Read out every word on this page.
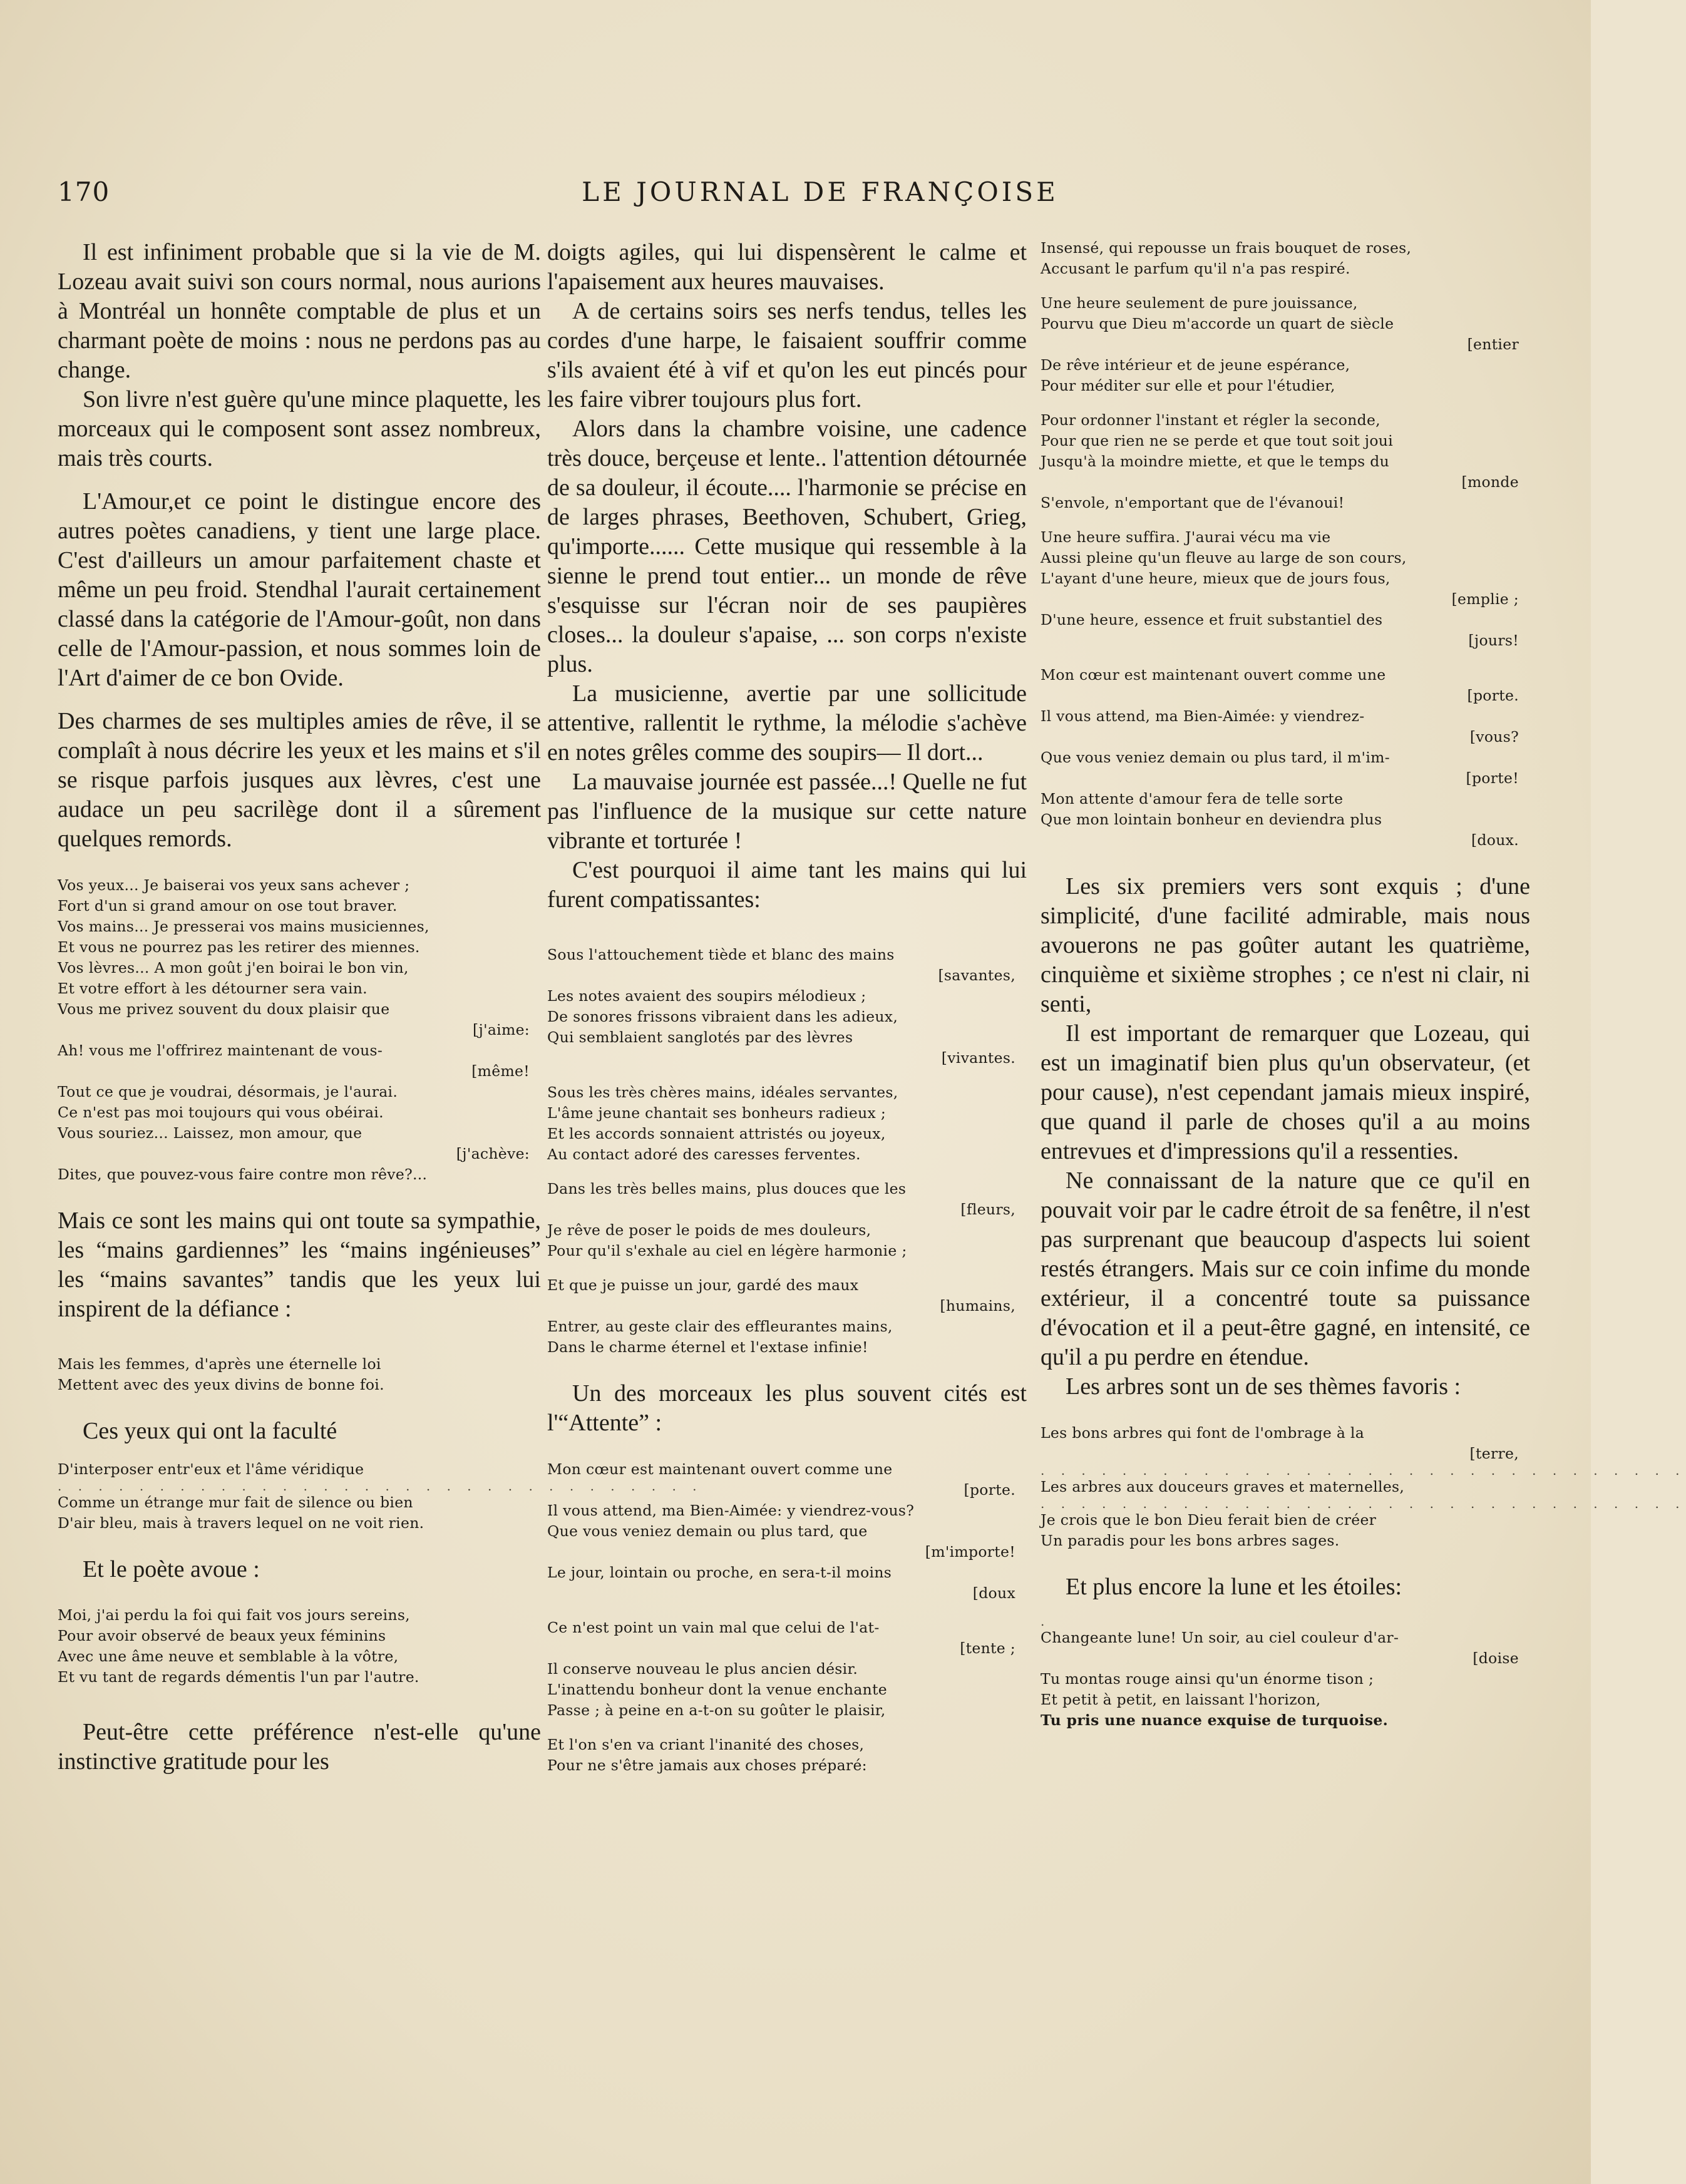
170	LE JOURNAL DE FRANÇOISE

Il est infiniment probable que si la vie de M. Lozeau avait suivi son cours normal, nous aurions à Montréal un honnête comptable de plus et un charmant poète de moins : nous ne perdons pas au change.

Son livre n'est guère qu'une mince plaquette, les morceaux qui le composent sont assez nombreux, mais très courts.

L'Amour,et ce point le distingue encore des autres poètes canadiens, y tient une large place. C'est d'ailleurs un amour parfaitement chaste et même un peu froid. Stendhal l'aurait certainement classé dans la catégorie de l'Amour-goût, non dans celle de l'Amour-passion, et nous sommes loin de l'Art d'aimer de ce bon Ovide.

Des charmes de ses multiples amies de rêve, il se complaît à nous décrire les yeux et les mains et s'il se risque parfois jusques aux lèvres, c'est une audace un peu sacrilège dont il a sûrement quelques remords.

Vos yeux... Je baiserai vos yeux sans achever ;
Fort d'un si grand amour on ose tout braver.
Vos mains... Je presserai vos mains musiciennes,
Et vous ne pourrez pas les retirer des miennes.
Vos lèvres... A mon goût j'en boirai le bon vin,
Et votre effort à les détourner sera vain.
Vous me privez souvent du doux plaisir que
[j'aime:
Ah! vous me l'offrirez maintenant de vous-
[même!
Tout ce que je voudrai, désormais, je l'aurai.
Ce n'est pas moi toujours qui vous obéirai.
Vous souriez... Laissez, mon amour, que
[j'achève:
Dites, que pouvez-vous faire contre mon rêve?...

Mais ce sont les mains qui ont toute sa sympathie, les “mains gardiennes” les “mains ingénieuses” les “mains savantes” tandis que les yeux lui inspirent de la défiance :

Mais les femmes, d'après une éternelle loi
Mettent avec des yeux divins de bonne foi.

Ces yeux qui ont la faculté

D'interposer entr'eux et l'âme véridique
. . . . . . . . . . . . . . . . . . . . . . . . . . . . . . . .
Comme un étrange mur fait de silence ou bien
D'air bleu, mais à travers lequel on ne voit rien.

Et le poète avoue :

Moi, j'ai perdu la foi qui fait vos jours sereins,
Pour avoir observé de beaux yeux féminins
Avec une âme neuve et semblable à la vôtre,
Et vu tant de regards démentis l'un par l'autre.

Peut-être cette préférence n'est-elle qu'une instinctive gratitude pour les

doigts agiles, qui lui dispensèrent le calme et l'apaisement aux heures mauvaises.

A de certains soirs ses nerfs tendus, telles les cordes d'une harpe, le faisaient souffrir comme s'ils avaient été à vif et qu'on les eut pincés pour les faire vibrer toujours plus fort.

Alors dans la chambre voisine, une cadence très douce, berçeuse et lente.. l'attention détournée de sa douleur, il écoute.... l'harmonie se précise en de larges phrases, Beethoven, Schubert, Grieg, qu'importe...... Cette musique qui ressemble à la sienne le prend tout entier... un monde de rêve s'esquisse sur l'écran noir de ses paupières closes... la douleur s'apaise, ... son corps n'existe plus.

La musicienne, avertie par une sollicitude attentive, rallentit le rythme, la mélodie s'achève en notes grêles comme des soupirs— Il dort...

La mauvaise journée est passée...! Quelle ne fut pas l'influence de la musique sur cette nature vibrante et torturée !

C'est pourquoi il aime tant les mains qui lui furent compatissantes:

Sous l'attouchement tiède et blanc des mains
[savantes,
Les notes avaient des soupirs mélodieux ;
De sonores frissons vibraient dans les adieux,
Qui semblaient sanglotés par des lèvres
[vivantes.
Sous les très chères mains, idéales servantes,
L'âme jeune chantait ses bonheurs radieux ;
Et les accords sonnaient attristés ou joyeux,
Au contact adoré des caresses ferventes.
Dans les très belles mains, plus douces que les
[fleurs,
Je rêve de poser le poids de mes douleurs,
Pour qu'il s'exhale au ciel en légère harmonie ;
Et que je puisse un jour, gardé des maux
[humains,
Entrer, au geste clair des effleurantes mains,
Dans le charme éternel et l'extase infinie!

Un des morceaux les plus souvent cités est l'“Attente” :

Mon cœur est maintenant ouvert comme une
[porte.
Il vous attend, ma Bien-Aimée: y viendrez-vous?
Que vous veniez demain ou plus tard, que
[m'importe!
Le jour, lointain ou proche, en sera-t-il moins
[doux
Ce n'est point un vain mal que celui de l'at-
[tente ;
Il conserve nouveau le plus ancien désir.
L'inattendu bonheur dont la venue enchante
Passe ; à peine en a-t-on su goûter le plaisir,
Et l'on s'en va criant l'inanité des choses,
Pour ne s'être jamais aux choses préparé:
Insensé, qui repousse un frais bouquet de roses,
Accusant le parfum qu'il n'a pas respiré.
Une heure seulement de pure jouissance,
Pourvu que Dieu m'accorde un quart de siècle
[entier
De rêve intérieur et de jeune espérance,
Pour méditer sur elle et pour l'étudier,
Pour ordonner l'instant et régler la seconde,
Pour que rien ne se perde et que tout soit joui
Jusqu'à la moindre miette, et que le temps du
[monde
S'envole, n'emportant que de l'évanoui!
Une heure suffira. J'aurai vécu ma vie
Aussi pleine qu'un fleuve au large de son cours,
L'ayant d'une heure, mieux que de jours fous,
[emplie ;
D'une heure, essence et fruit substantiel des
[jours!
Mon cœur est maintenant ouvert comme une
[porte.
Il vous attend, ma Bien-Aimée: y viendrez-
[vous?
Que vous veniez demain ou plus tard, il m'im-
[porte!
Mon attente d'amour fera de telle sorte
Que mon lointain bonheur en deviendra plus
[doux.

Les six premiers vers sont exquis ; d'une simplicité, d'une facilité admirable, mais nous avouerons ne pas goûter autant les quatrième, cinquième et sixième strophes ; ce n'est ni clair, ni senti,

Il est important de remarquer que Lozeau, qui est un imaginatif bien plus qu'un observateur, (et pour cause), n'est cependant jamais mieux inspiré, que quand il parle de choses qu'il a au moins entrevues et d'impressions qu'il a ressenties.

Ne connaissant de la nature que ce qu'il en pouvait voir par le cadre étroit de sa fenêtre, il n'est pas surprenant que beaucoup d'aspects lui soient restés étrangers. Mais sur ce coin infime du monde extérieur, il a concentré toute sa puissance d'évocation et il a peut-être gagné, en intensité, ce qu'il a pu perdre en étendue.

Les arbres sont un de ses thèmes favoris :

Les bons arbres qui font de l'ombrage à la
[terre,
. . . . . . . . . . . . . . . . . . . . . . . . . . . . . . . .
Les arbres aux douceurs graves et maternelles,
. . . . . . . . . . . . . . . . . . . . . . . . . . . . . . . .
Je crois que le bon Dieu ferait bien de créer
Un paradis pour les bons arbres sages.

Et plus encore la lune et les étoiles:

.
Changeante lune! Un soir, au ciel couleur d'ar-
[doise
Tu montas rouge ainsi qu'un énorme tison ;
Et petit à petit, en laissant l'horizon,
Tu pris une nuance exquise de turquoise.
